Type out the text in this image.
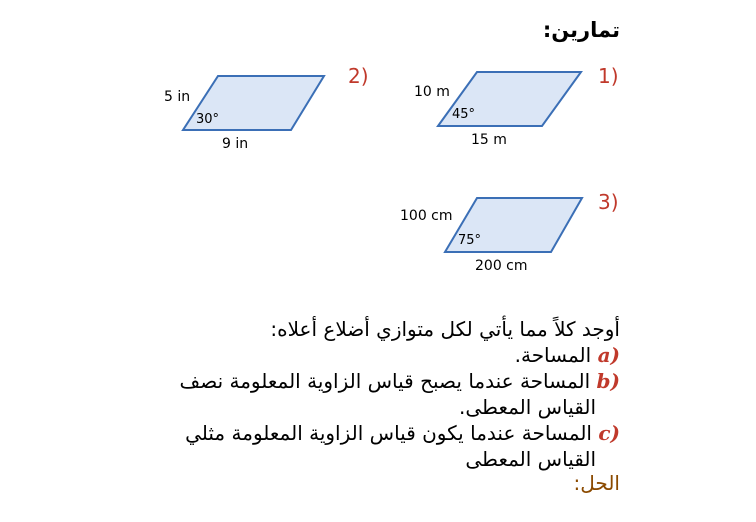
تمارين:
1)
10 m
45°
15 m
2)
5 in
30°
9 in
3)
100 cm
75°
200 cm
أوجد كلاً مما يأتي لكل متوازي أضلاع أعلاه:
(a المساحة.
(b المساحة عندما يصبح قياس الزاوية المعلومة نصف
القياس المعطى.
(c المساحة عندما يكون قياس الزاوية المعلومة مثلي
القياس المعطى
الحل:
